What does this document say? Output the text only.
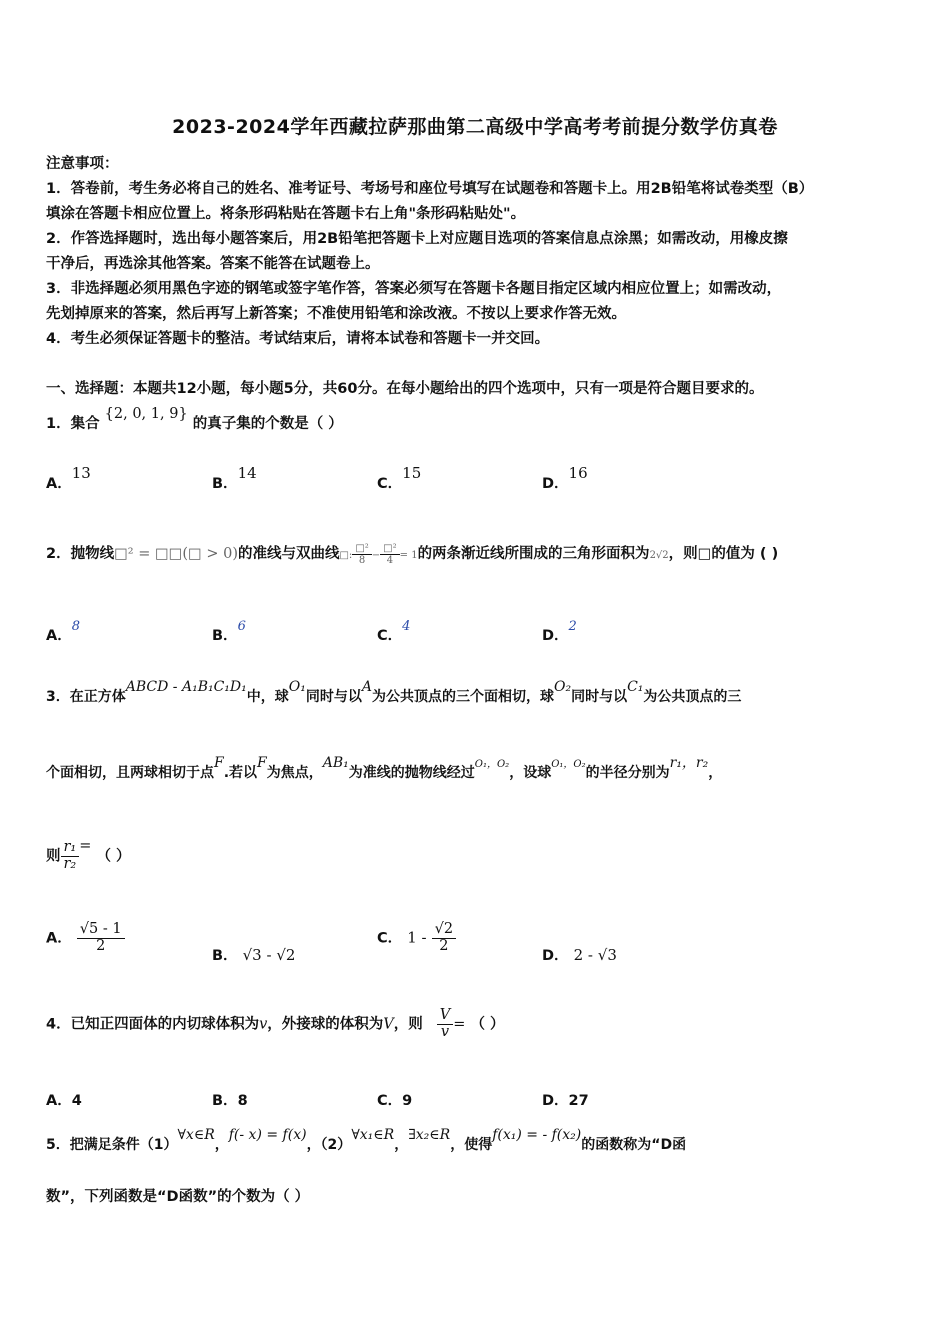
2023-2024学年西藏拉萨那曲第二高级中学高考考前提分数学仿真卷
注意事项：
1．答卷前，考生务必将自己的姓名、准考证号、考场号和座位号填写在试题卷和答题卡上。用2B铅笔将试卷类型（B）
填涂在答题卡相应位置上。将条形码粘贴在答题卡右上角"条形码粘贴处"。
2．作答选择题时，选出每小题答案后，用2B铅笔把答题卡上对应题目选项的答案信息点涂黑；如需改动，用橡皮擦
干净后，再选涂其他答案。答案不能答在试题卷上。
3．非选择题必须用黑色字迹的钢笔或签字笔作答，答案必须写在答题卡各题目指定区域内相应位置上；如需改动，
先划掉原来的答案，然后再写上新答案；不准使用铅笔和涂改液。不按以上要求作答无效。
4．考生必须保证答题卡的整洁。考试结束后，请将本试卷和答题卡一并交回。
一、选择题：本题共12小题，每小题5分，共60分。在每小题给出的四个选项中，只有一项是符合题目要求的。
1．集合 {2, 0, 1, 9} 的真子集的个数是（ ）
A．13
B．14
C．15
D．16
2．抛物线□² = □□(□ > 0)的准线与双曲线□: $\frac{\text{□²}}{8} - \frac{\text{□²}}{4} = 1$的两条渐近线所围成的三角形面积为2√2，则□的值为 ( )
A．8
B．6
C．4
D．2
3．在正方体ABCD - A₁B₁C₁D₁中，球O₁同时与以A为公共顶点的三个面相切，球O₂同时与以C₁为公共顶点的三
个面相切，且两球相切于点F.若以F为焦点，AB₁为准线的抛物线经过$^{O_1,O_2}$，设球$^{O_1,O_2}$的半径分别为r₁，r₂，
则 $\frac{\text{r₁}}{\text{r₂}}$ = （ ）
A． $\frac{√5 - 1}{2}$
B． √3 - √2
C． $1 - \frac{√2}{2}$
D． 2 - √3
4．已知正四面体的内切球体积为v，外接球的体积为V，则 $\frac{V}{v}$ = （ ）
A．4	B．8	C．9	D．27
5．把满足条件（1）∀x∈R，f(- x) = f(x)，（2）∀x₁∈R，∃x₂∈R，使得f(x₁) = - f(x₂)的函数称为“D函
数”，下列函数是“D函数”的个数为（ ）
